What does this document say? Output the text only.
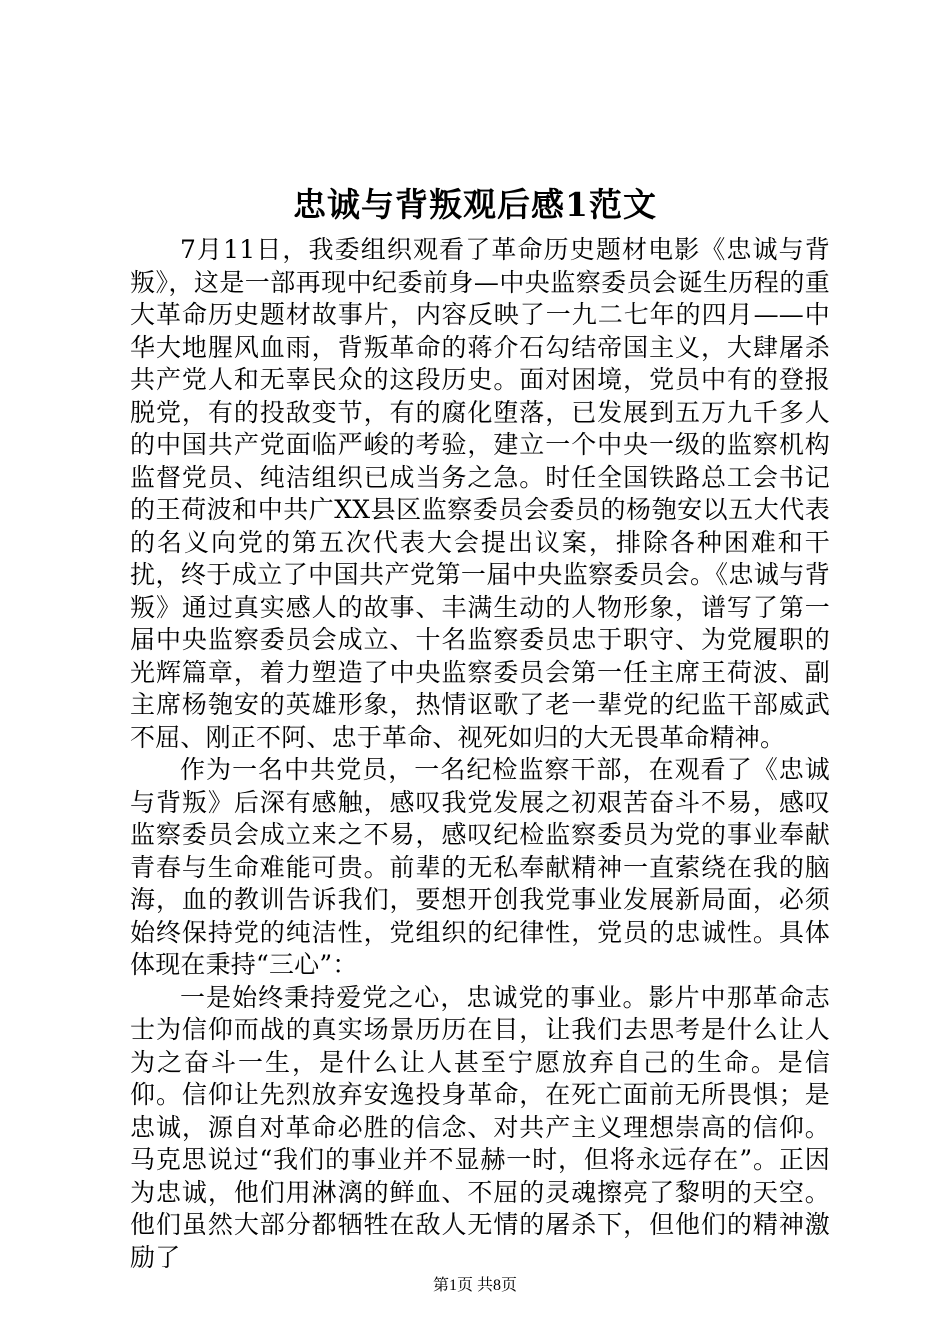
忠诚与背叛观后感1范文

7月11日，我委组织观看了革命历史题材电影《忠诚与背叛》，这是一部再现中纪委前身—中央监察委员会诞生历程的重大革命历史题材故事片，内容反映了一九二七年的四月——中华大地腥风血雨，背叛革命的蒋介石勾结帝国主义，大肆屠杀共产党人和无辜民众的这段历史。面对困境，党员中有的登报脱党，有的投敌变节，有的腐化堕落，已发展到五万九千多人的中国共产党面临严峻的考验，建立一个中央一级的监察机构监督党员、纯洁组织已成当务之急。时任全国铁路总工会书记的王荷波和中共广XX县区监察委员会委员的杨匏安以五大代表的名义向党的第五次代表大会提出议案，排除各种困难和干扰，终于成立了中国共产党第一届中央监察委员会。《忠诚与背叛》通过真实感人的故事、丰满生动的人物形象，谱写了第一届中央监察委员会成立、十名监察委员忠于职守、为党履职的光辉篇章，着力塑造了中央监察委员会第一任主席王荷波、副主席杨匏安的英雄形象，热情讴歌了老一辈党的纪监干部威武不屈、刚正不阿、忠于革命、视死如归的大无畏革命精神。

作为一名中共党员，一名纪检监察干部，在观看了《忠诚与背叛》后深有感触，感叹我党发展之初艰苦奋斗不易，感叹监察委员会成立来之不易，感叹纪检监察委员为党的事业奉献青春与生命难能可贵。前辈的无私奉献精神一直萦绕在我的脑海，血的教训告诉我们，要想开创我党事业发展新局面，必须始终保持党的纯洁性，党组织的纪律性，党员的忠诚性。具体体现在秉持“三心”：

一是始终秉持爱党之心，忠诚党的事业。影片中那革命志士为信仰而战的真实场景历历在目，让我们去思考是什么让人为之奋斗一生，是什么让人甚至宁愿放弃自己的生命。是信仰。信仰让先烈放弃安逸投身革命，在死亡面前无所畏惧；是忠诚，源自对革命必胜的信念、对共产主义理想崇高的信仰。马克思说过“我们的事业并不显赫一时，但将永远存在”。正因为忠诚，他们用淋漓的鲜血、不屈的灵魂擦亮了黎明的天空。他们虽然大部分都牺牲在敌人无情的屠杀下，但他们的精神激励了

第1页 共8页
